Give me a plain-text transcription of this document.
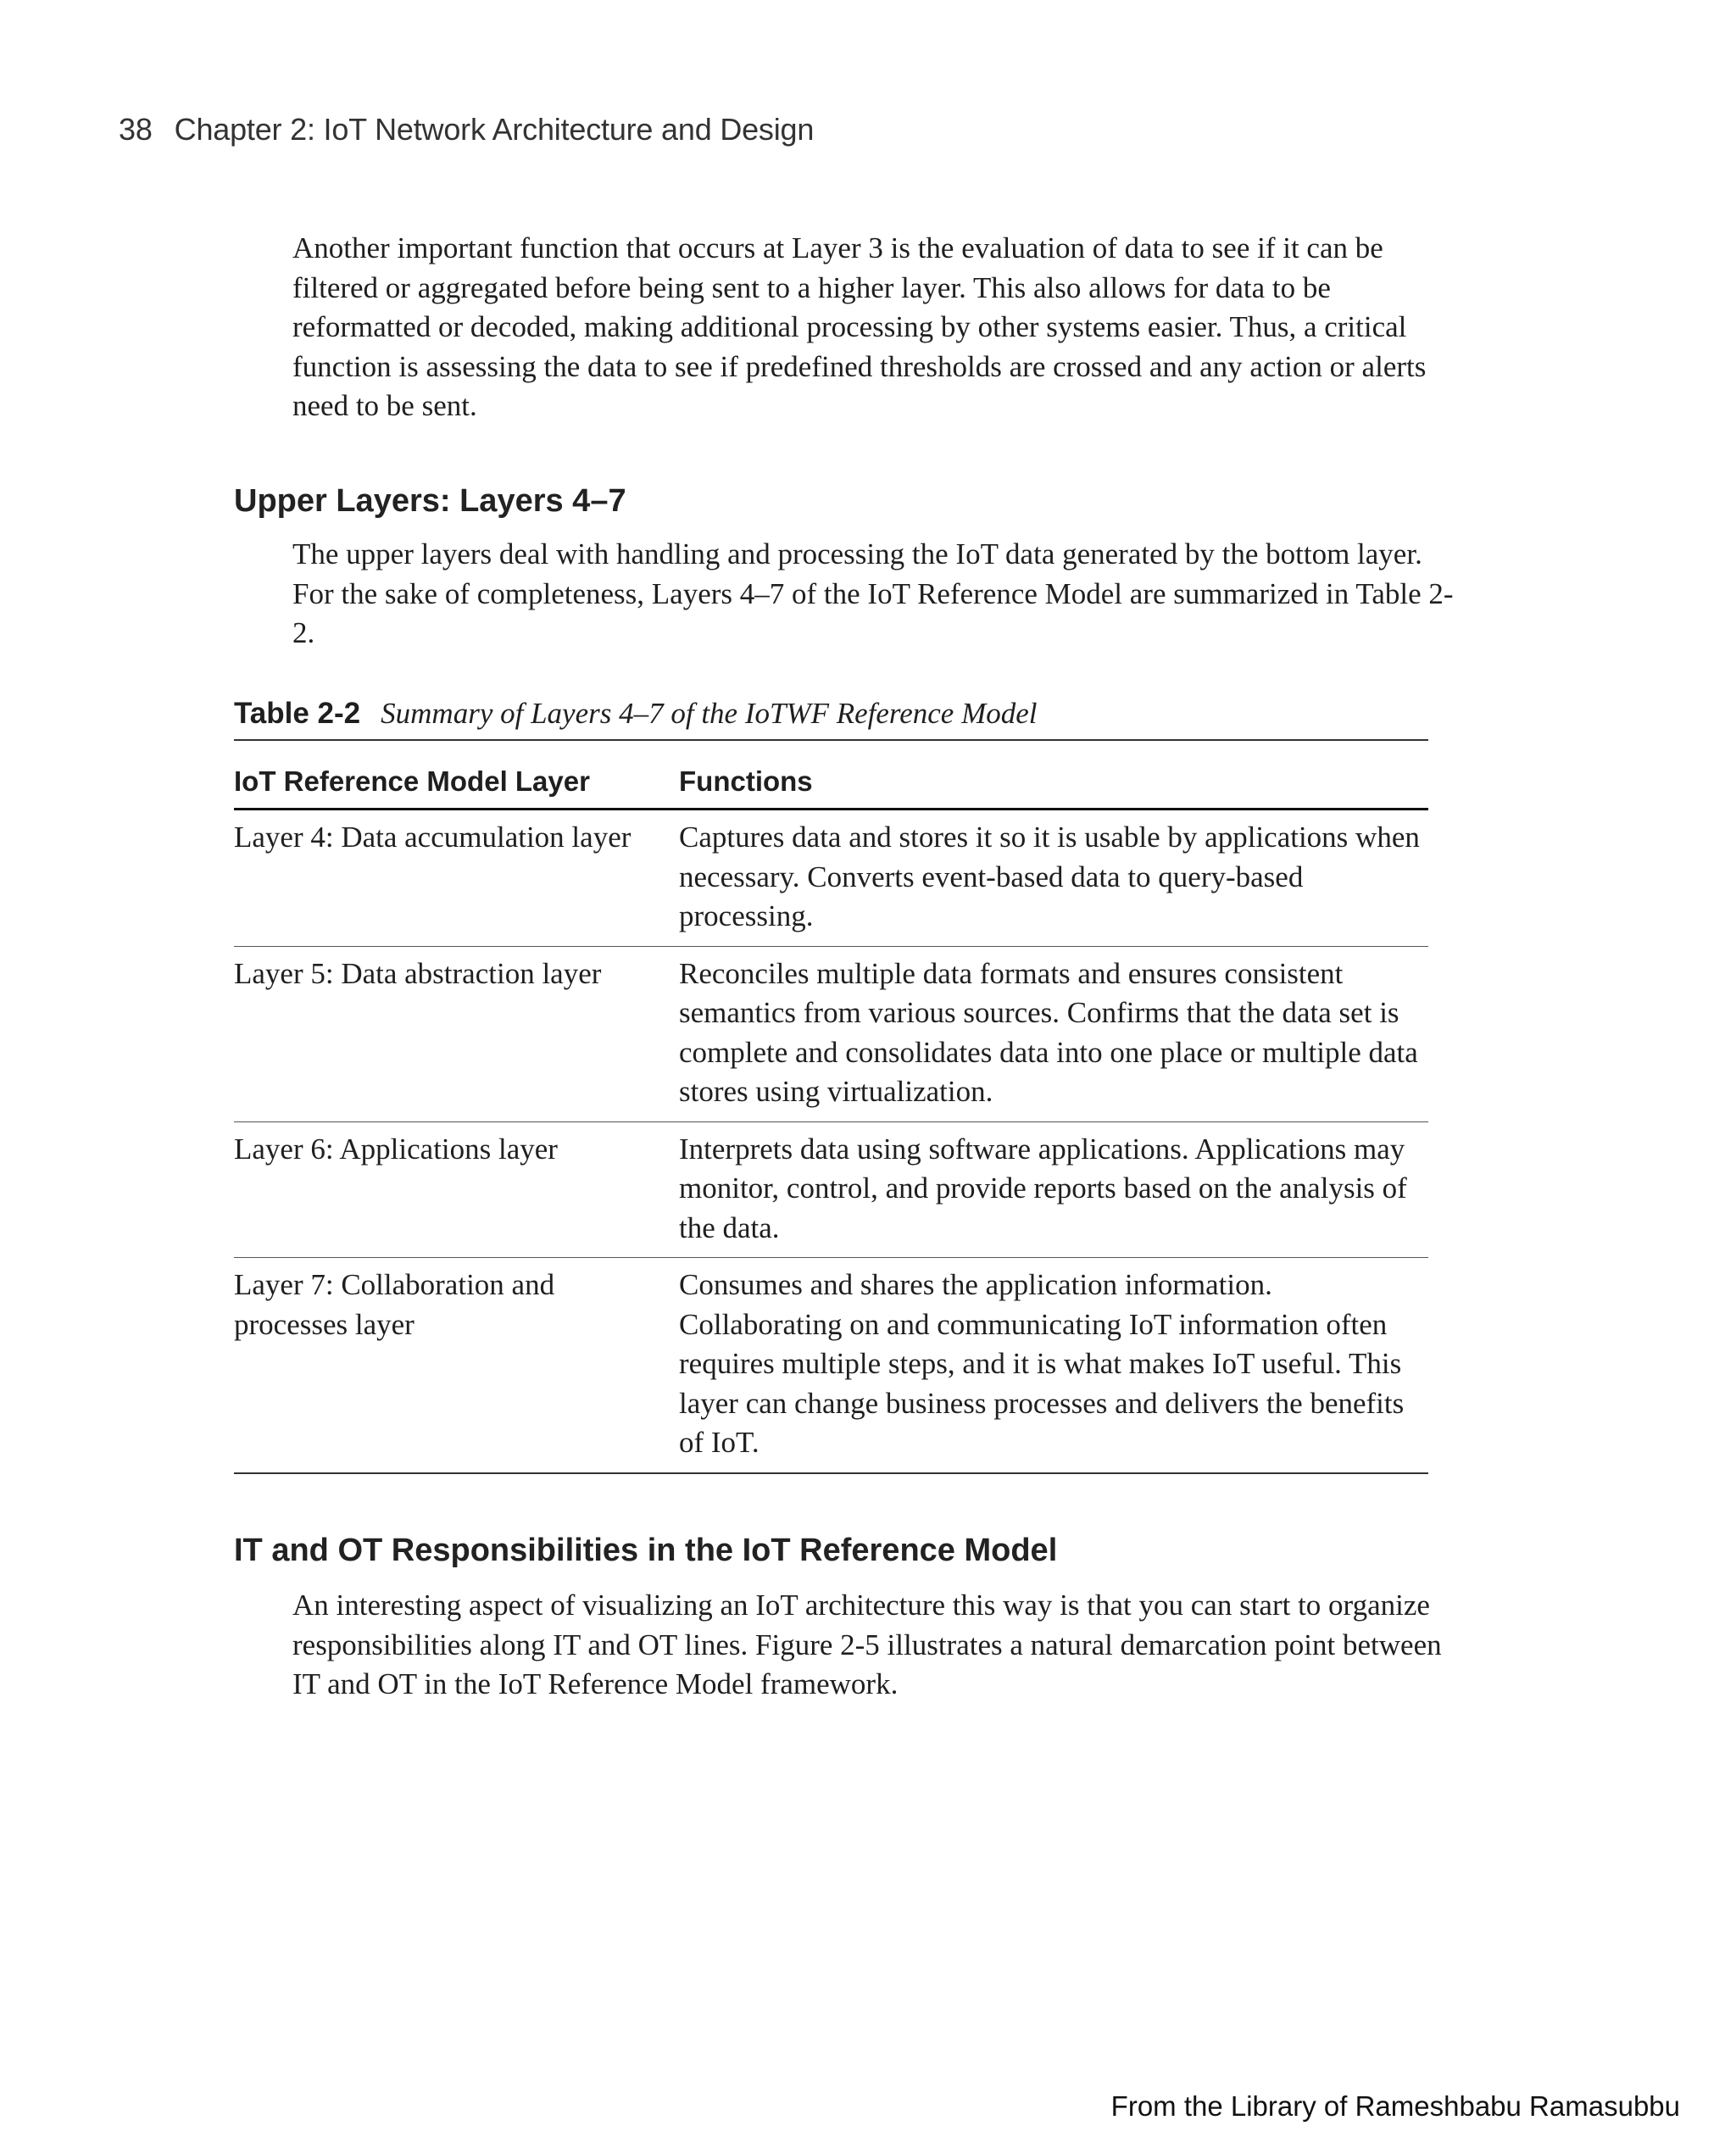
38 Chapter 2: IoT Network Architecture and Design

Another important function that occurs at Layer 3 is the evaluation of data to see if it can be filtered or aggregated before being sent to a higher layer. This also allows for data to be reformatted or decoded, making additional processing by other systems easier. Thus, a critical function is assessing the data to see if predefined thresholds are crossed and any action or alerts need to be sent.

Upper Layers: Layers 4–7

The upper layers deal with handling and processing the IoT data generated by the bottom layer. For the sake of completeness, Layers 4–7 of the IoT Reference Model are summarized in Table 2-2.

Table 2-2 Summary of Layers 4–7 of the IoTWF Reference Model
IoT Reference Model Layer	Functions
Layer 4: Data accumulation layer	Captures data and stores it so it is usable by applications when necessary. Converts event-based data to query-based processing.
Layer 5: Data abstraction layer	Reconciles multiple data formats and ensures consistent semantics from various sources. Confirms that the data set is complete and consolidates data into one place or multiple data stores using virtualization.
Layer 6: Applications layer	Interprets data using software applications. Applications may monitor, control, and provide reports based on the analysis of the data.
Layer 7: Collaboration and processes layer	Consumes and shares the application information. Collaborating on and communicating IoT information often requires multiple steps, and it is what makes IoT useful. This layer can change business processes and delivers the benefits of IoT.
IT and OT Responsibilities in the IoT Reference Model

An interesting aspect of visualizing an IoT architecture this way is that you can start to organize responsibilities along IT and OT lines. Figure 2-5 illustrates a natural demarcation point between IT and OT in the IoT Reference Model framework.

From the Library of Rameshbabu Ramasubbu
